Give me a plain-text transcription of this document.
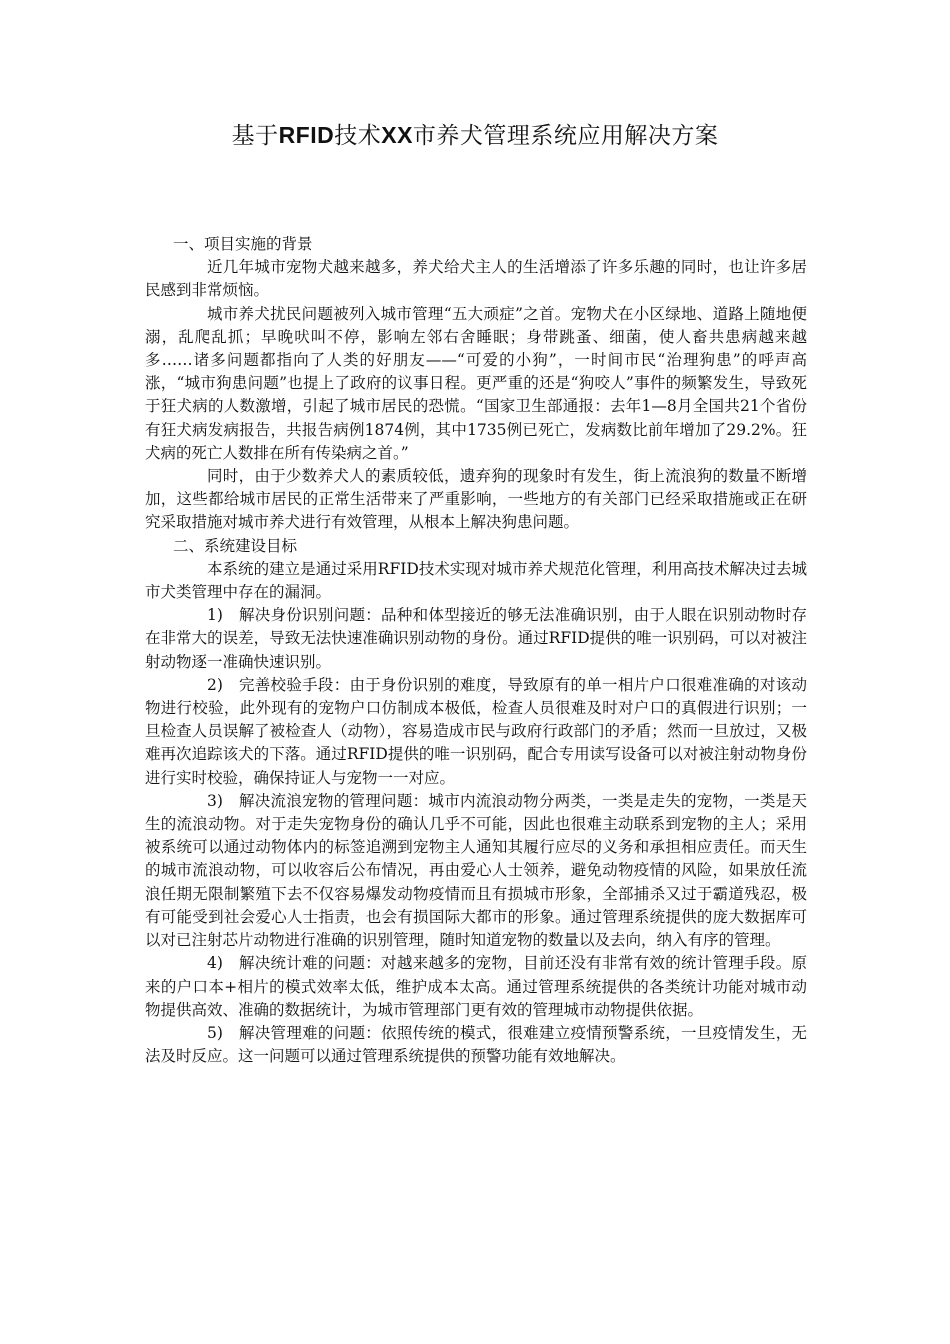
基于RFID技术XX市养犬管理系统应用解决方案

一、项目实施的背景

近几年城市宠物犬越来越多，养犬给犬主人的生活增添了许多乐趣的同时，也让许多居民感到非常烦恼。

城市养犬扰民问题被列入城市管理“五大顽症”之首。宠物犬在小区绿地、道路上随地便溺，乱爬乱抓；早晚吠叫不停，影响左邻右舍睡眠；身带跳蚤、细菌，使人畜共患病越来越多……诸多问题都指向了人类的好朋友——“可爱的小狗”，一时间市民“治理狗患”的呼声高涨，“城市狗患问题”也提上了政府的议事日程。更严重的还是“狗咬人”事件的频繁发生，导致死于狂犬病的人数激增，引起了城市居民的恐慌。“国家卫生部通报：去年1—8月全国共21个省份有狂犬病发病报告，共报告病例1874例，其中1735例已死亡，发病数比前年增加了29.2%。狂犬病的死亡人数排在所有传染病之首。”

同时，由于少数养犬人的素质较低，遗弃狗的现象时有发生，街上流浪狗的数量不断增加，这些都给城市居民的正常生活带来了严重影响，一些地方的有关部门已经采取措施或正在研究采取措施对城市养犬进行有效管理，从根本上解决狗患问题。

二、系统建设目标

本系统的建立是通过采用RFID技术实现对城市养犬规范化管理，利用高技术解决过去城市犬类管理中存在的漏洞。

1)　解决身份识别问题：品种和体型接近的够无法准确识别，由于人眼在识别动物时存在非常大的误差，导致无法快速准确识别动物的身份。通过RFID提供的唯一识别码，可以对被注射动物逐一准确快速识别。

2)　完善校验手段：由于身份识别的难度，导致原有的单一相片户口很难准确的对该动物进行校验，此外现有的宠物户口仿制成本极低，检查人员很难及时对户口的真假进行识别；一旦检查人员误解了被检查人（动物），容易造成市民与政府行政部门的矛盾；然而一旦放过，又极难再次追踪该犬的下落。通过RFID提供的唯一识别码，配合专用读写设备可以对被注射动物身份进行实时校验，确保持证人与宠物一一对应。

3)　解决流浪宠物的管理问题：城市内流浪动物分两类，一类是走失的宠物，一类是天生的流浪动物。对于走失宠物身份的确认几乎不可能，因此也很难主动联系到宠物的主人；采用被系统可以通过动物体内的标签追溯到宠物主人通知其履行应尽的义务和承担相应责任。而天生的城市流浪动物，可以收容后公布情况，再由爱心人士领养，避免动物疫情的风险，如果放任流浪任期无限制繁殖下去不仅容易爆发动物疫情而且有损城市形象，全部捕杀又过于霸道残忍，极有可能受到社会爱心人士指责，也会有损国际大都市的形象。通过管理系统提供的庞大数据库可以对已注射芯片动物进行准确的识别管理，随时知道宠物的数量以及去向，纳入有序的管理。

4)　解决统计难的问题：对越来越多的宠物，目前还没有非常有效的统计管理手段。原来的户口本+相片的模式效率太低，维护成本太高。通过管理系统提供的各类统计功能对城市动物提供高效、准确的数据统计，为城市管理部门更有效的管理城市动物提供依据。

5)　解决管理难的问题：依照传统的模式，很难建立疫情预警系统，一旦疫情发生，无法及时反应。这一问题可以通过管理系统提供的预警功能有效地解决。
